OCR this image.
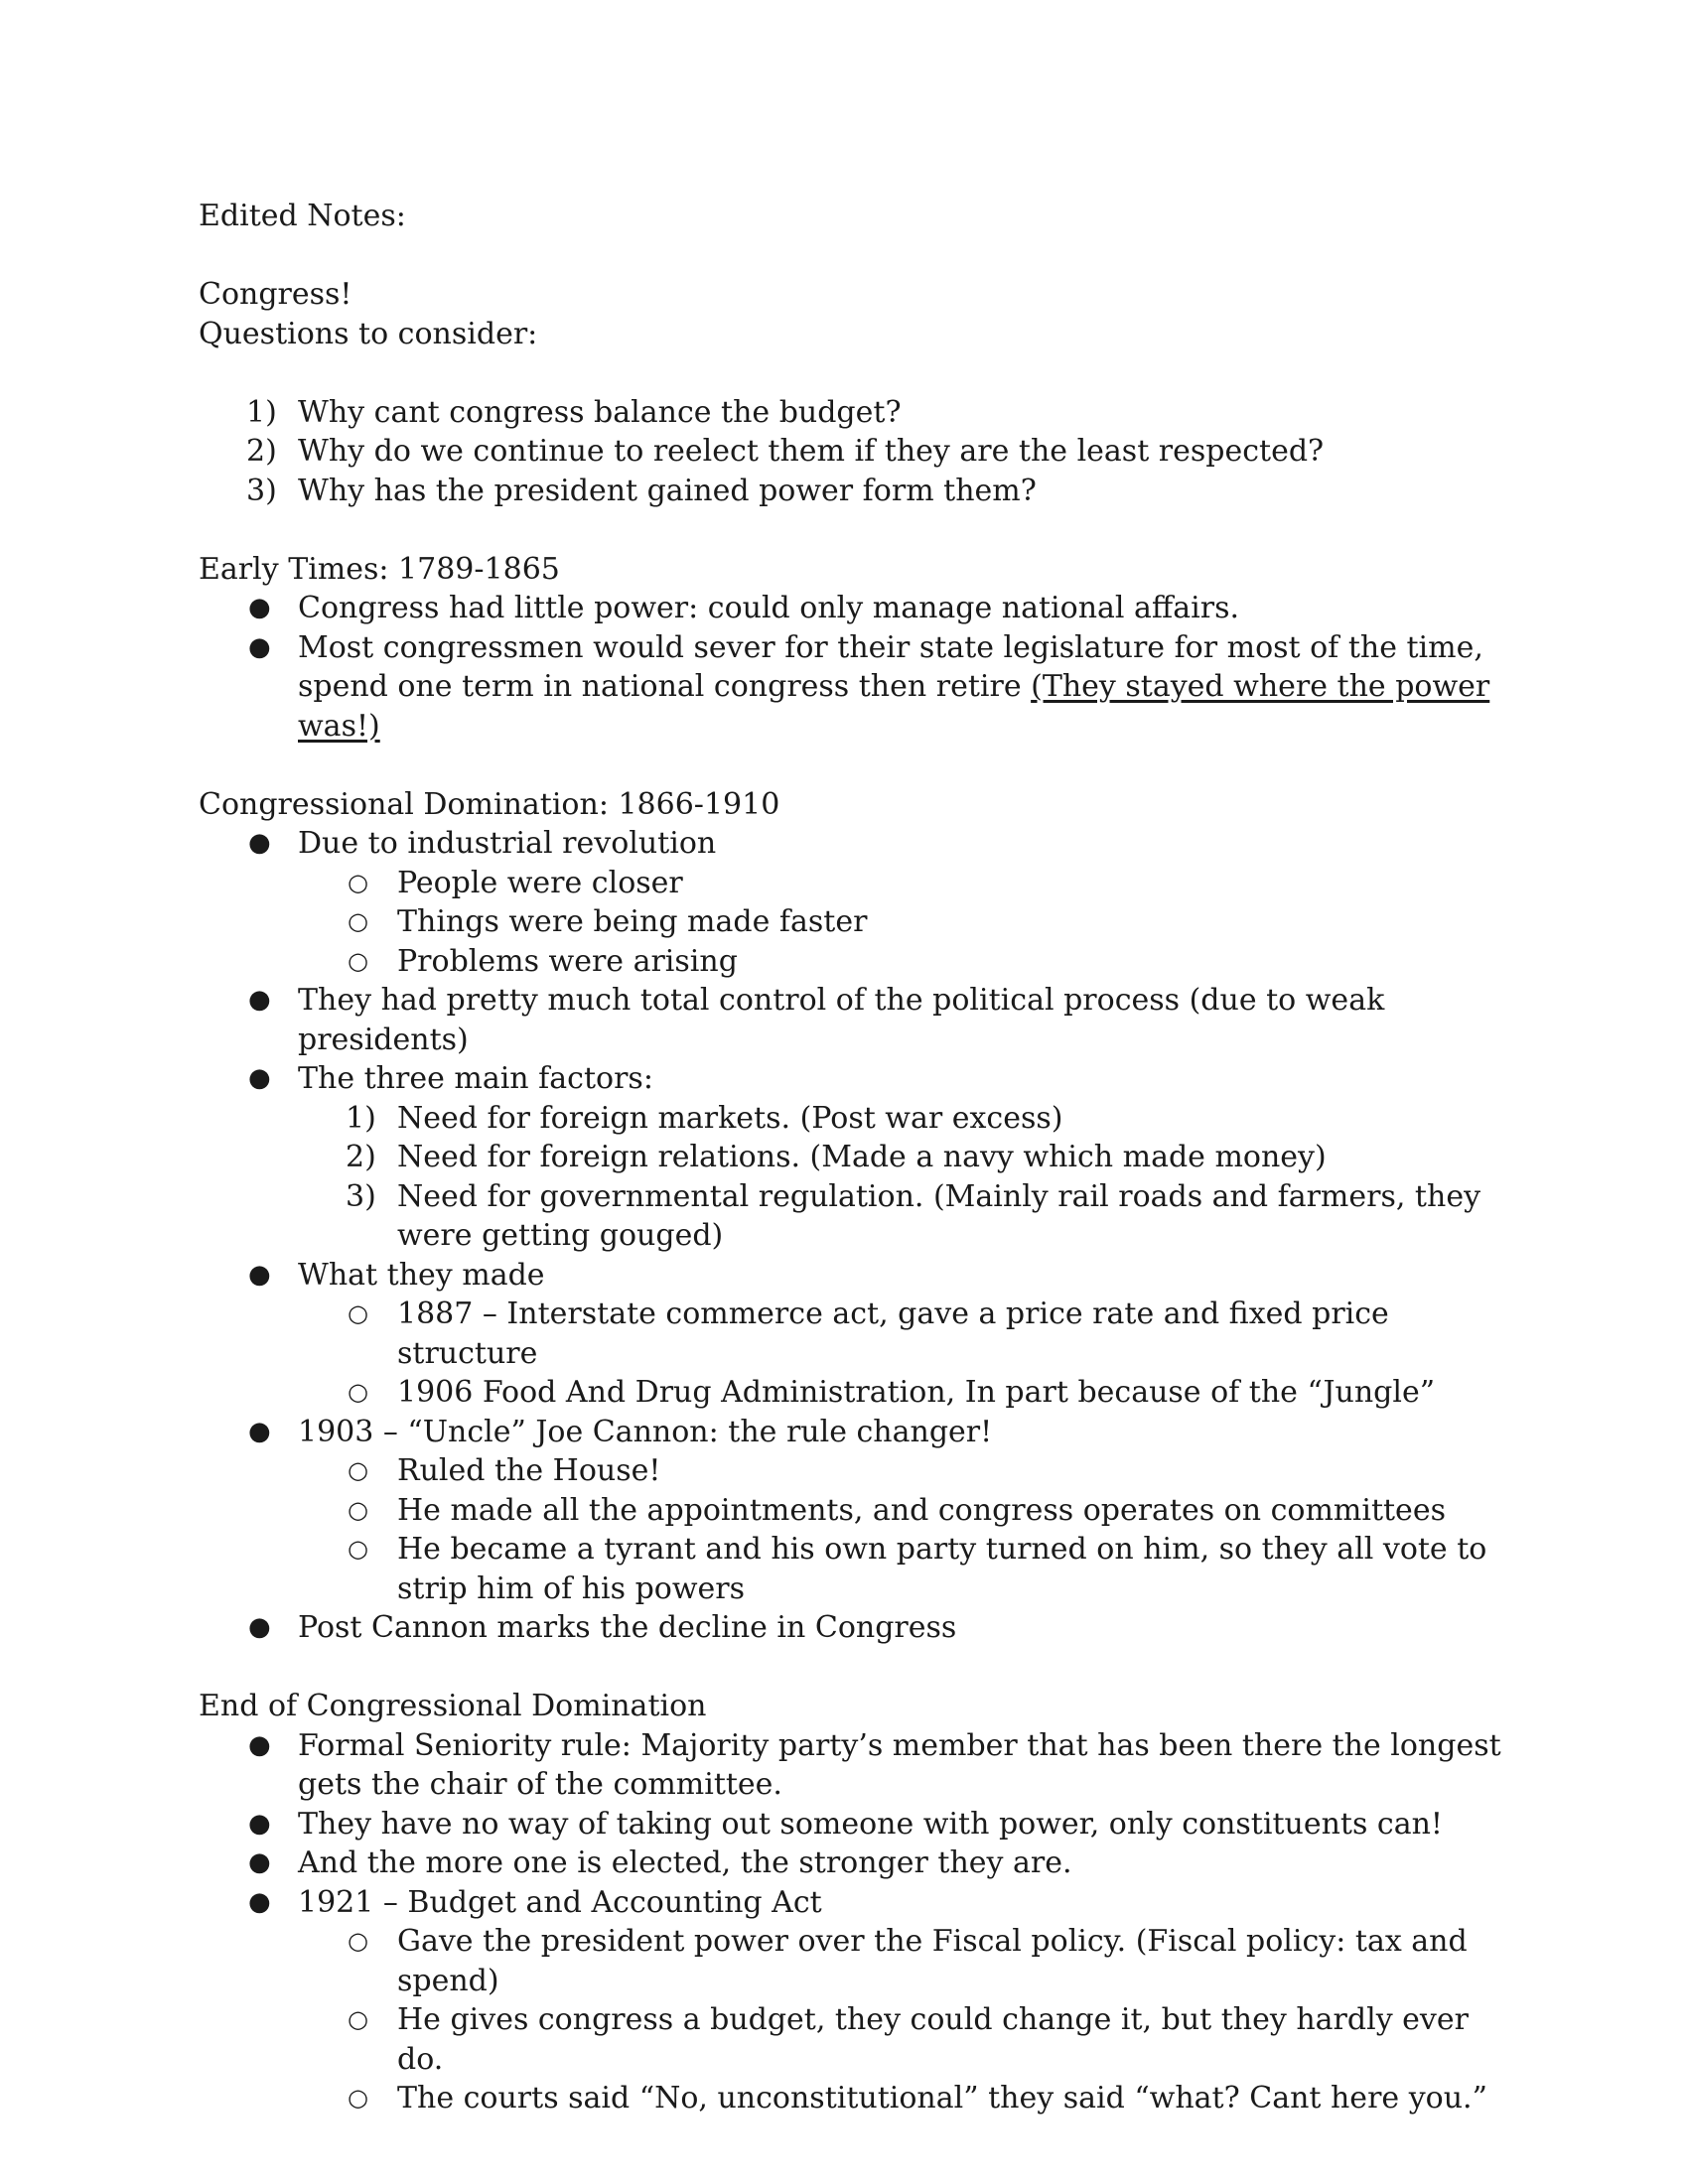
Edited Notes:

Congress!

Questions to consider:

1) Why cant congress balance the budget?
2) Why do we continue to reelect them if they are the least respected?
3) Why has the president gained power form them?

Early Times: 1789-1865

● Congress had little power: could only manage national affairs.
● Most congressmen would sever for their state legislature for most of the time, spend one term in national congress then retire (They stayed where the power was!)

Congressional Domination: 1866-1910

● Due to industrial revolution
○ People were closer
○ Things were being made faster
○ Problems were arising
● They had pretty much total control of the political process (due to weak presidents)
● The three main factors:
1) Need for foreign markets. (Post war excess)
2) Need for foreign relations. (Made a navy which made money)
3) Need for governmental regulation. (Mainly rail roads and farmers, they were getting gouged)
● What they made
○ 1887 – Interstate commerce act, gave a price rate and fixed price structure
○ 1906 Food And Drug Administration, In part because of the “Jungle”
● 1903 – “Uncle” Joe Cannon: the rule changer!
○ Ruled the House!
○ He made all the appointments, and congress operates on committees
○ He became a tyrant and his own party turned on him, so they all vote to strip him of his powers
● Post Cannon marks the decline in Congress

End of Congressional Domination

● Formal Seniority rule: Majority party’s member that has been there the longest gets the chair of the committee.
● They have no way of taking out someone with power, only constituents can!
● And the more one is elected, the stronger they are.
● 1921 – Budget and Accounting Act
○ Gave the president power over the Fiscal policy. (Fiscal policy: tax and spend)
○ He gives congress a budget, they could change it, but they hardly ever do.
○ The courts said “No, unconstitutional” they said “what? Cant here you.”
